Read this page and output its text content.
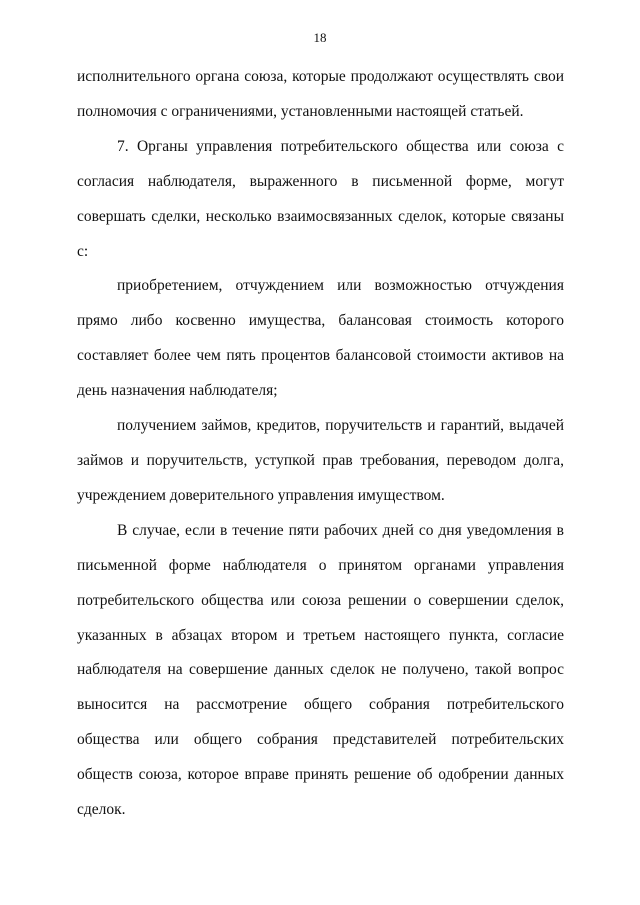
18

исполнительного органа союза, которые продолжают осуществлять свои полномочия с ограничениями, установленными настоящей статьей.

7. Органы управления потребительского общества или союза с согласия наблюдателя, выраженного в письменной форме, могут совершать сделки, несколько взаимосвязанных сделок, которые связаны с:

приобретением, отчуждением или возможностью отчуждения прямо либо косвенно имущества, балансовая стоимость которого составляет более чем пять процентов балансовой стоимости активов на день назначения наблюдателя;

получением займов, кредитов, поручительств и гарантий, выдачей займов и поручительств, уступкой прав требования, переводом долга, учреждением доверительного управления имуществом.

В случае, если в течение пяти рабочих дней со дня уведомления в письменной форме наблюдателя о принятом органами управления потребительского общества или союза решении о совершении сделок, указанных в абзацах втором и третьем настоящего пункта, согласие наблюдателя на совершение данных сделок не получено, такой вопрос выносится на рассмотрение общего собрания потребительского общества или общего собрания представителей потребительских обществ союза, которое вправе принять решение об одобрении данных сделок.
